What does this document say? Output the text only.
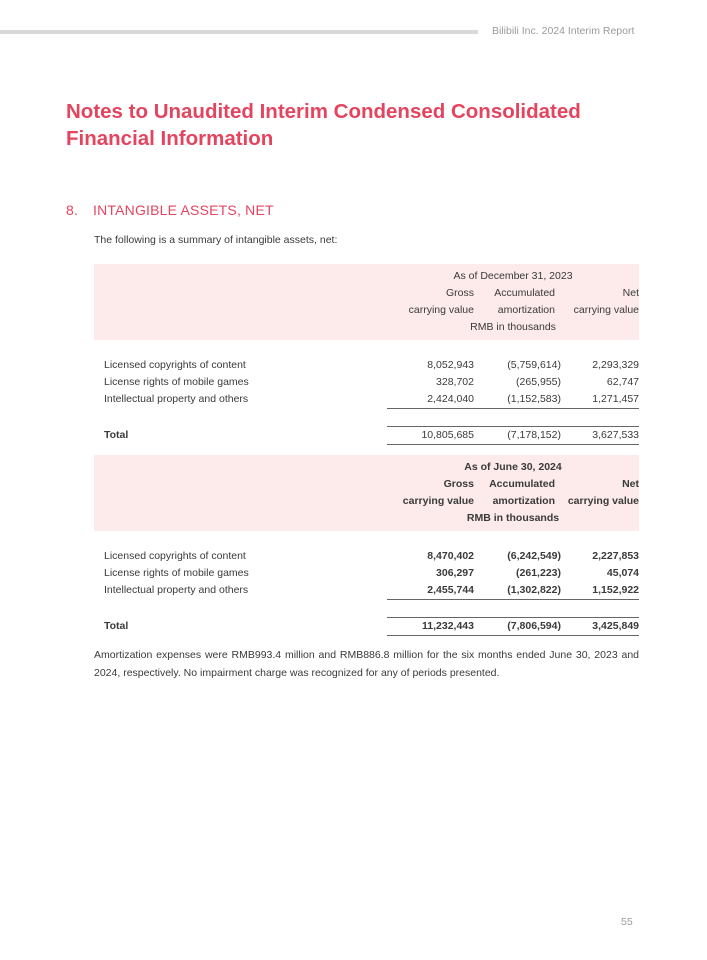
Bilibili Inc. 2024 Interim Report
Notes to Unaudited Interim Condensed Consolidated Financial Information
8. INTANGIBLE ASSETS, NET
The following is a summary of intangible assets, net:
	As of December 31, 2023		
	Gross	Accumulated	Net
	carrying value	amortization	carrying value
	RMB in thousands		

Licensed copyrights of content	8,052,943	(5,759,614)	2,293,329
License rights of mobile games	328,702	(265,955)	62,747
Intellectual property and others	2,424,040	(1,152,583)	1,271,457

Total	10,805,685	(7,178,152)	3,627,533
	As of June 30, 2024		
	Gross	Accumulated	Net
	carrying value	amortization	carrying value
	RMB in thousands		

Licensed copyrights of content	8,470,402	(6,242,549)	2,227,853
License rights of mobile games	306,297	(261,223)	45,074
Intellectual property and others	2,455,744	(1,302,822)	1,152,922

Total	11,232,443	(7,806,594)	3,425,849

Amortization expenses were RMB993.4 million and RMB886.8 million for the six months ended June 30, 2023 and 2024, respectively. No impairment charge was recognized for any of periods presented.

55
